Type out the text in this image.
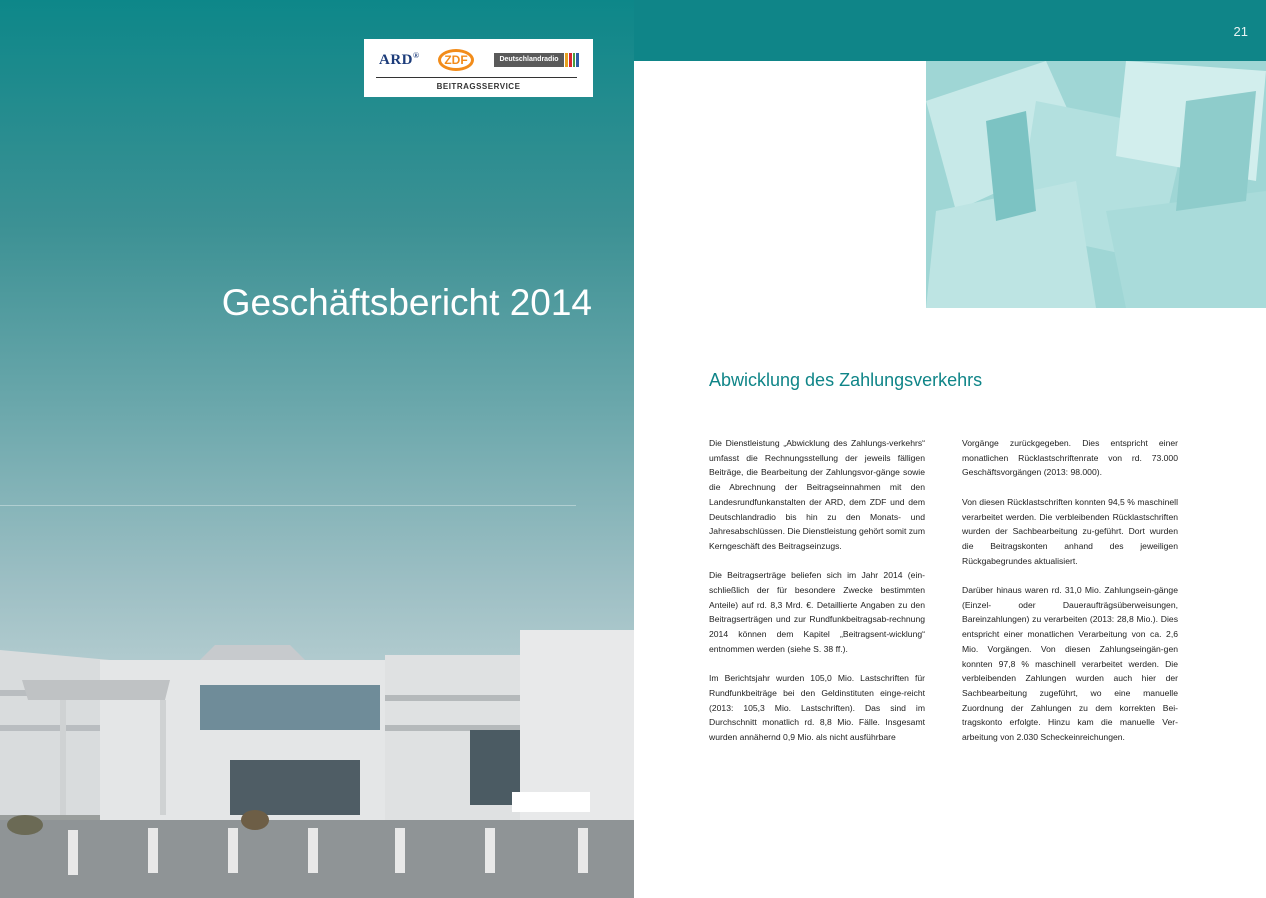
21
ARD®	ZDF	Deutschlandradio
BEITRAGSSERVICE
Geschäftsbericht 2014
Abwicklung des Zahlungsverkehrs

Die Dienstleistung „Abwicklung des Zahlungs-verkehrs“ umfasst die Rechnungsstellung der jeweils fälligen Beiträge, die Bearbeitung der Zahlungsvor-gänge sowie die Abrechnung der Beitragseinnahmen mit den Landesrundfunkanstalten der ARD, dem ZDF und dem Deutschlandradio bis hin zu den Monats- und Jahresabschlüssen. Die Dienstleistung gehört somit zum Kerngeschäft des Beitragseinzugs.

Die Beitragserträge beliefen sich im Jahr 2014 (ein-schließlich der für besondere Zwecke bestimmten Anteile) auf rd. 8,3 Mrd. €. Detaillierte Angaben zu den Beitragserträgen und zur Rundfunkbeitragsab-rechnung 2014 können dem Kapitel „Beitragsent-wicklung“ entnommen werden (siehe S. 38 ff.).

Im Berichtsjahr wurden 105,0 Mio. Lastschriften für Rundfunkbeiträge bei den Geldinstituten einge-reicht (2013: 105,3 Mio. Lastschriften). Das sind im Durchschnitt monatlich rd. 8,8 Mio. Fälle. Insgesamt wurden annähernd 0,9 Mio. als nicht ausführbare

Vorgänge zurückgegeben. Dies entspricht einer monatlichen Rücklastschriftenrate von rd. 73.000 Geschäftsvorgängen (2013: 98.000).

Von diesen Rücklastschriften konnten 94,5 % maschinell verarbeitet werden. Die verbleibenden Rücklastschriften wurden der Sachbearbeitung zu-geführt. Dort wurden die Beitragskonten anhand des jeweiligen Rückgabegrundes aktualisiert.

Darüber hinaus waren rd. 31,0 Mio. Zahlungsein-gänge (Einzel- oder Daueraufträgsüberweisungen, Bareinzahlungen) zu verarbeiten (2013: 28,8 Mio.). Dies entspricht einer monatlichen Verarbeitung von ca. 2,6 Mio. Vorgängen. Von diesen Zahlungseingän-gen konnten 97,8 % maschinell verarbeitet werden. Die verbleibenden Zahlungen wurden auch hier der Sachbearbeitung zugeführt, wo eine manuelle Zuordnung der Zahlungen zu dem korrekten Bei-tragskonto erfolgte. Hinzu kam die manuelle Ver-arbeitung von 2.030 Scheckeinreichungen.
